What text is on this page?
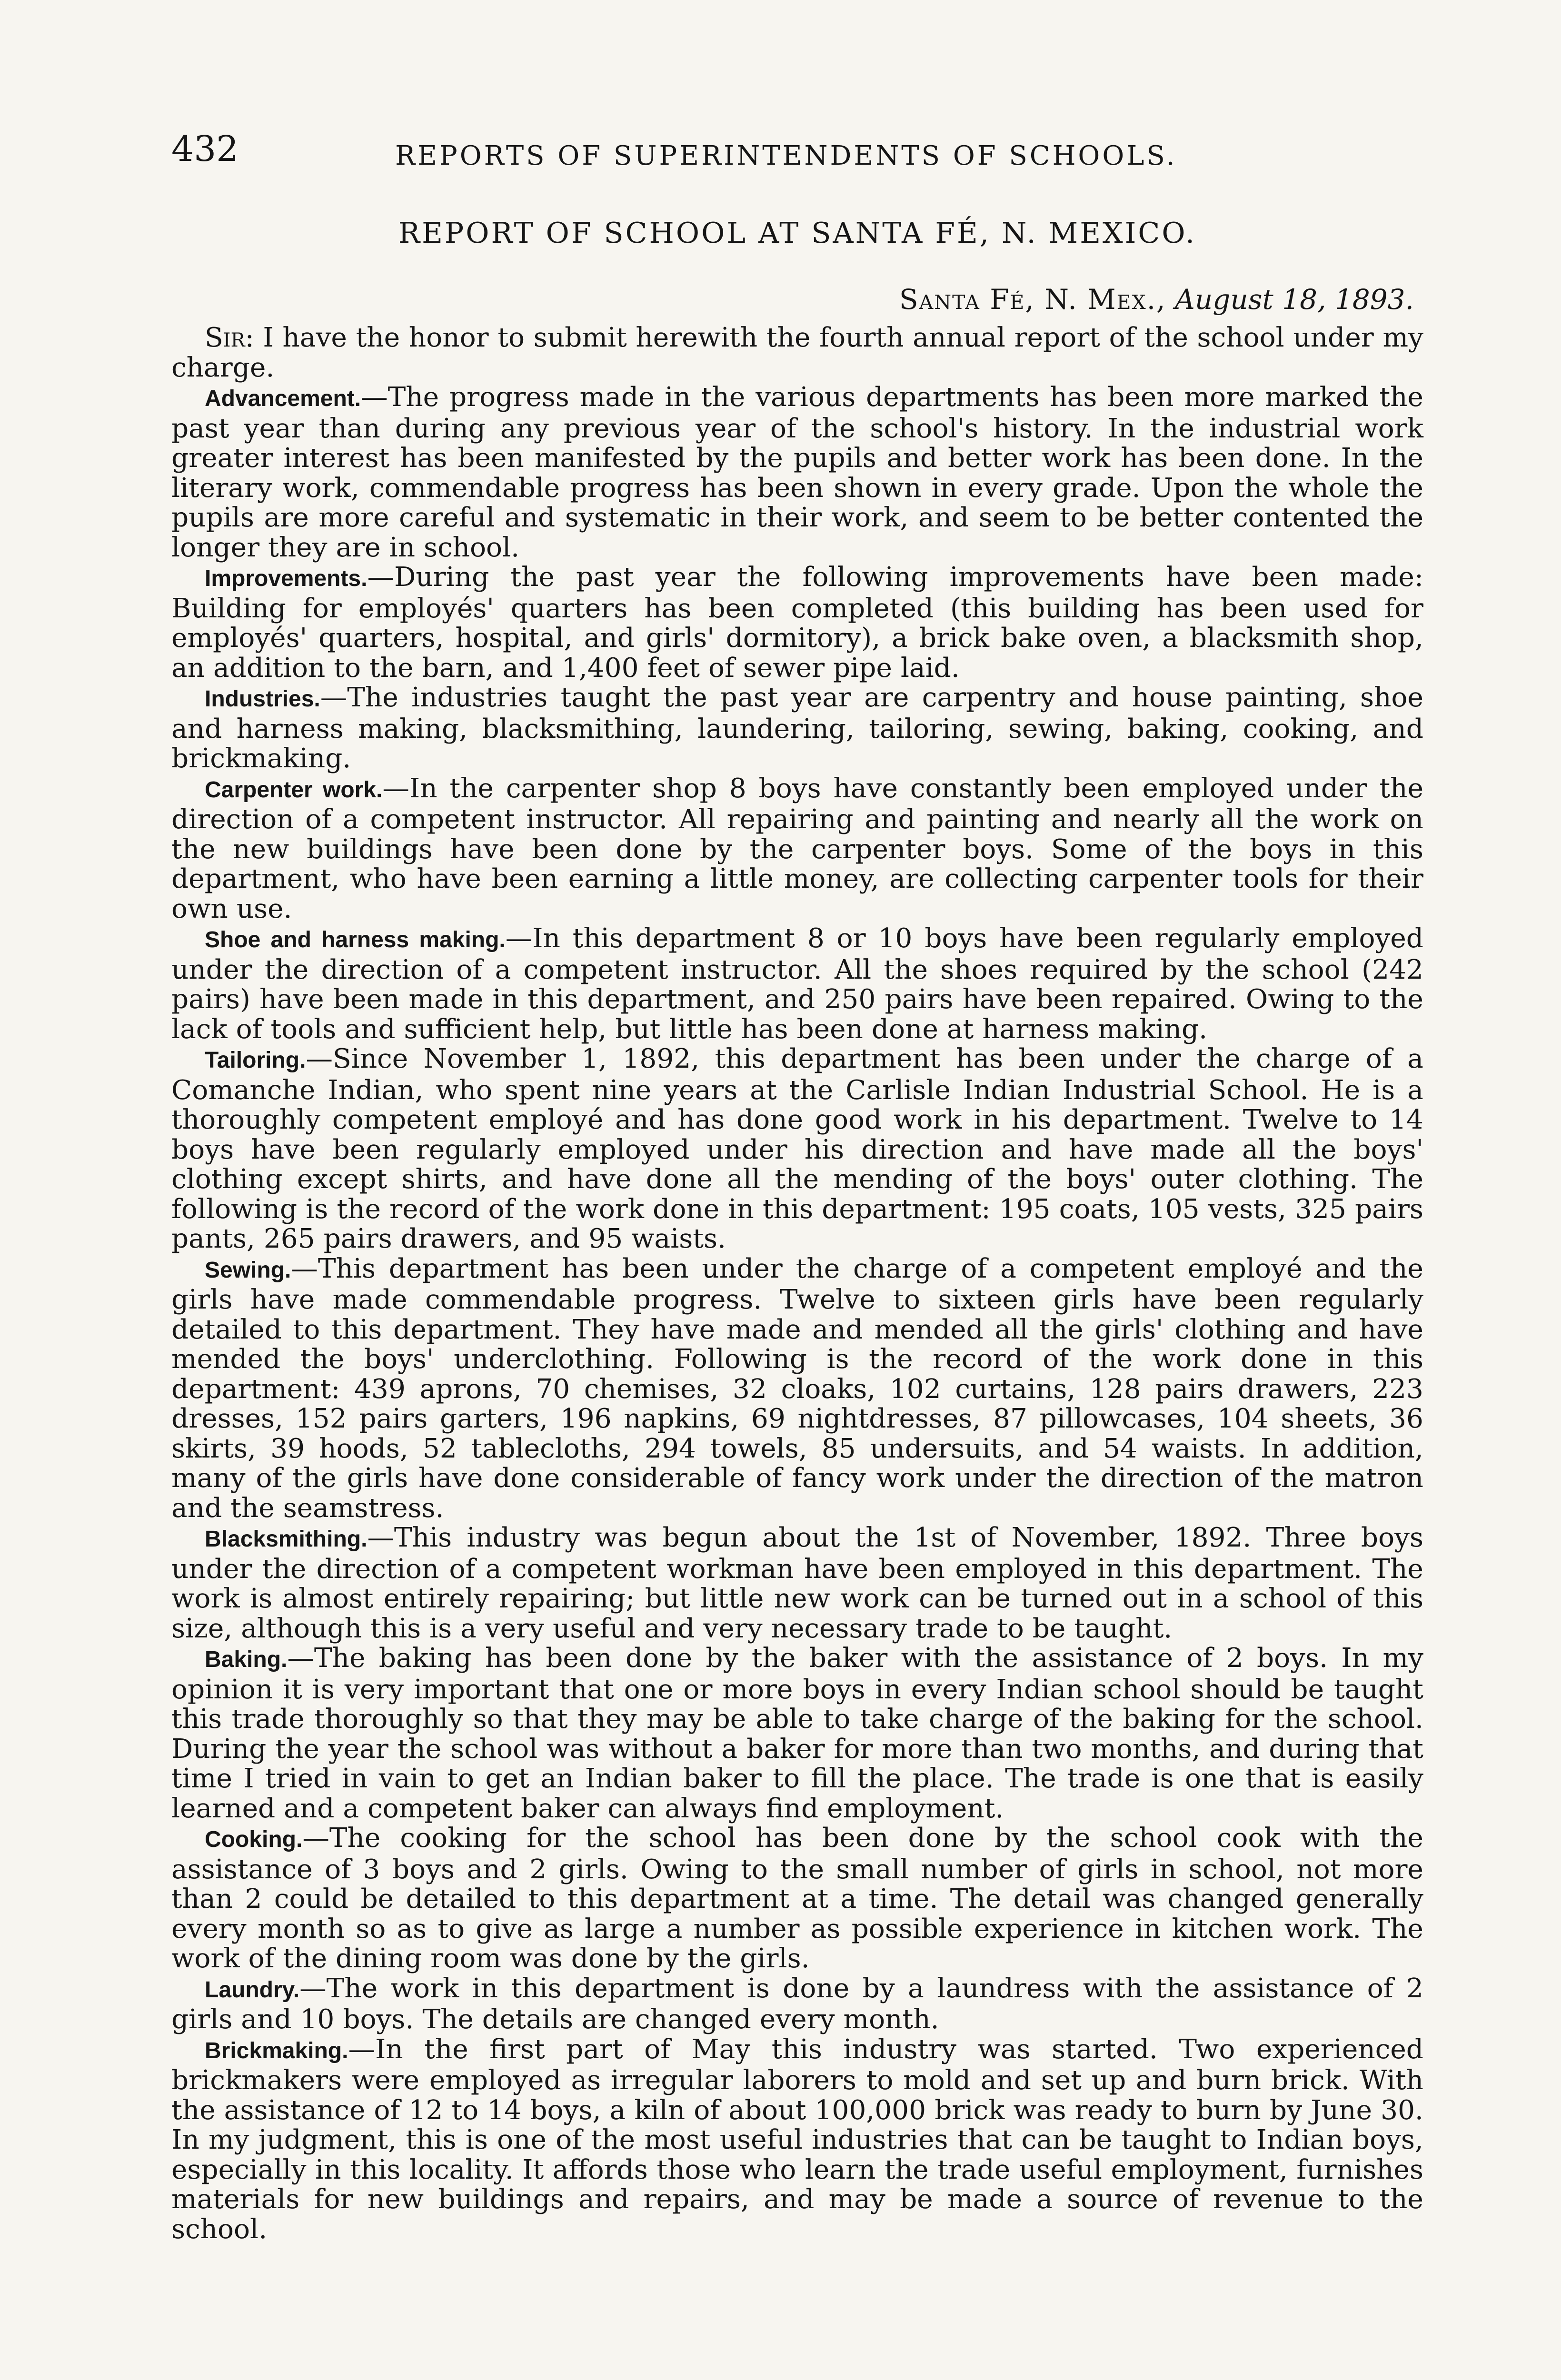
432	REPORTS OF SUPERINTENDENTS OF SCHOOLS.
REPORT OF SCHOOL AT SANTA FÉ, N. MEXICO.
Santa Fé, N. Mex., August 18, 1893.

Sir: I have the honor to submit herewith the fourth annual report of the school under my charge.

Advancement.—The progress made in the various departments has been more marked the past year than during any previous year of the school's history. In the industrial work greater interest has been manifested by the pupils and better work has been done. In the literary work, commendable progress has been shown in every grade. Upon the whole the pupils are more careful and systematic in their work, and seem to be better contented the longer they are in school.

Improvements.—During the past year the following improvements have been made: Building for employés' quarters has been completed (this building has been used for employés' quarters, hospital, and girls' dormitory), a brick bake oven, a blacksmith shop, an addition to the barn, and 1,400 feet of sewer pipe laid.

Industries.—The industries taught the past year are carpentry and house painting, shoe and harness making, blacksmithing, laundering, tailoring, sewing, baking, cooking, and brickmaking.

Carpenter work.—In the carpenter shop 8 boys have constantly been employed under the direction of a competent instructor. All repairing and painting and nearly all the work on the new buildings have been done by the carpenter boys. Some of the boys in this department, who have been earning a little money, are collecting carpenter tools for their own use.

Shoe and harness making.—In this department 8 or 10 boys have been regularly employed under the direction of a competent instructor. All the shoes required by the school (242 pairs) have been made in this department, and 250 pairs have been repaired. Owing to the lack of tools and sufficient help, but little has been done at harness making.

Tailoring.—Since November 1, 1892, this department has been under the charge of a Comanche Indian, who spent nine years at the Carlisle Indian Industrial School. He is a thoroughly competent employé and has done good work in his department. Twelve to 14 boys have been regularly employed under his direction and have made all the boys' clothing except shirts, and have done all the mending of the boys' outer clothing. The following is the record of the work done in this department: 195 coats, 105 vests, 325 pairs pants, 265 pairs drawers, and 95 waists.

Sewing.—This department has been under the charge of a competent employé and the girls have made commendable progress. Twelve to sixteen girls have been regularly detailed to this department. They have made and mended all the girls' clothing and have mended the boys' underclothing. Following is the record of the work done in this department: 439 aprons, 70 chemises, 32 cloaks, 102 curtains, 128 pairs drawers, 223 dresses, 152 pairs garters, 196 napkins, 69 nightdresses, 87 pillowcases, 104 sheets, 36 skirts, 39 hoods, 52 tablecloths, 294 towels, 85 undersuits, and 54 waists. In addition, many of the girls have done considerable of fancy work under the direction of the matron and the seamstress.

Blacksmithing.—This industry was begun about the 1st of November, 1892. Three boys under the direction of a competent workman have been employed in this department. The work is almost entirely repairing; but little new work can be turned out in a school of this size, although this is a very useful and very necessary trade to be taught.

Baking.—The baking has been done by the baker with the assistance of 2 boys. In my opinion it is very important that one or more boys in every Indian school should be taught this trade thoroughly so that they may be able to take charge of the baking for the school. During the year the school was without a baker for more than two months, and during that time I tried in vain to get an Indian baker to fill the place. The trade is one that is easily learned and a competent baker can always find employment.

Cooking.—The cooking for the school has been done by the school cook with the assistance of 3 boys and 2 girls. Owing to the small number of girls in school, not more than 2 could be detailed to this department at a time. The detail was changed generally every month so as to give as large a number as possible experience in kitchen work. The work of the dining room was done by the girls.

Laundry.—The work in this department is done by a laundress with the assistance of 2 girls and 10 boys. The details are changed every month.

Brickmaking.—In the first part of May this industry was started. Two experienced brickmakers were employed as irregular laborers to mold and set up and burn brick. With the assistance of 12 to 14 boys, a kiln of about 100,000 brick was ready to burn by June 30. In my judgment, this is one of the most useful industries that can be taught to Indian boys, especially in this locality. It affords those who learn the trade useful employment, furnishes materials for new buildings and repairs, and may be made a source of revenue to the school.
